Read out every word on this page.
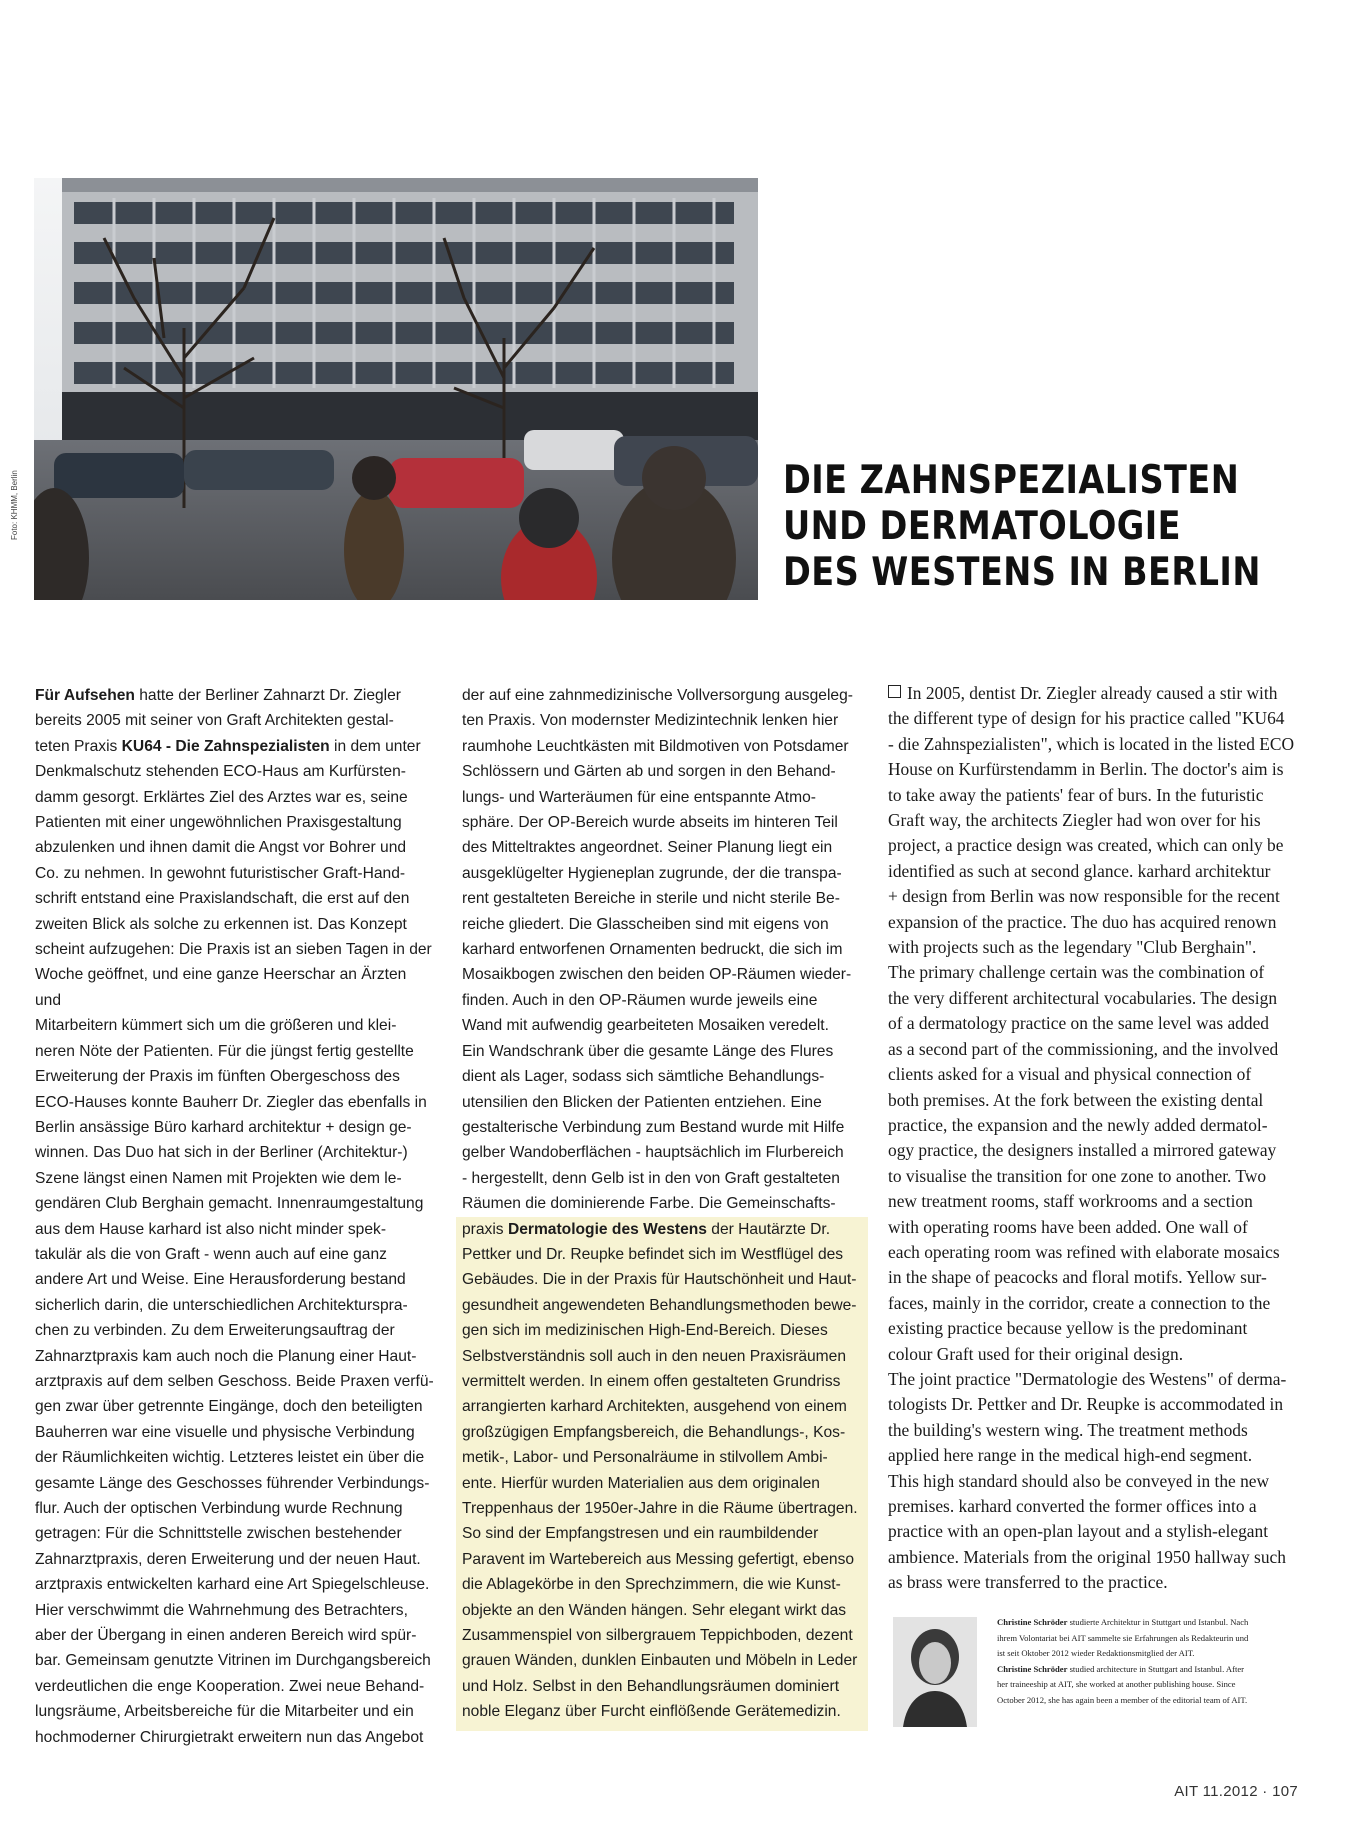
Foto: KHMM, Berlin	DIE ZAHNSPEZIALISTEN
UND DERMATOLOGIE
DES WESTENS IN BERLIN

Für Aufsehen hatte der Berliner Zahnarzt Dr. Ziegler
bereits 2005 mit seiner von Graft Architekten gestal-
teten Praxis KU64 - Die Zahnspezialisten in dem unter
Denkmalschutz stehenden ECO-Haus am Kurfürsten-
damm gesorgt. Erklärtes Ziel des Arztes war es, seine
Patienten mit einer ungewöhnlichen Praxisgestaltung
abzulenken und ihnen damit die Angst vor Bohrer und
Co. zu nehmen. In gewohnt futuristischer Graft-Hand-
schrift entstand eine Praxislandschaft, die erst auf den
zweiten Blick als solche zu erkennen ist. Das Konzept
scheint aufzugehen: Die Praxis ist an sieben Tagen in der
Woche geöffnet, und eine ganze Heerschar an Ärzten und
Mitarbeitern kümmert sich um die größeren und klei-
neren Nöte der Patienten. Für die jüngst fertig gestellte
Erweiterung der Praxis im fünften Obergeschoss des
ECO-Hauses konnte Bauherr Dr. Ziegler das ebenfalls in
Berlin ansässige Büro karhard architektur + design ge-
winnen. Das Duo hat sich in der Berliner (Architektur-)
Szene längst einen Namen mit Projekten wie dem le-
gendären Club Berghain gemacht. Innenraumgestaltung
aus dem Hause karhard ist also nicht minder spek-
takulär als die von Graft - wenn auch auf eine ganz
andere Art und Weise. Eine Herausforderung bestand
sicherlich darin, die unterschiedlichen Architekturspra-
chen zu verbinden. Zu dem Erweiterungsauftrag der
Zahnarztpraxis kam auch noch die Planung einer Haut-
arztpraxis auf dem selben Geschoss. Beide Praxen verfü-
gen zwar über getrennte Eingänge, doch den beteiligten
Bauherren war eine visuelle und physische Verbindung
der Räumlichkeiten wichtig. Letzteres leistet ein über die
gesamte Länge des Geschosses führender Verbindungs-
flur. Auch der optischen Verbindung wurde Rechnung
getragen: Für die Schnittstelle zwischen bestehender
Zahnarztpraxis, deren Erweiterung und der neuen Haut.
arztpraxis entwickelten karhard eine Art Spiegelschleuse.
Hier verschwimmt die Wahrnehmung des Betrachters,
aber der Übergang in einen anderen Bereich wird spür-
bar. Gemeinsam genutzte Vitrinen im Durchgangsbereich
verdeutlichen die enge Kooperation. Zwei neue Behand-
lungsräume, Arbeitsbereiche für die Mitarbeiter und ein
hochmoderner Chirurgietrakt erweitern nun das Angebot

der auf eine zahnmedizinische Vollversorgung ausgeleg-
ten Praxis. Von modernster Medizintechnik lenken hier
raumhohe Leuchtkästen mit Bildmotiven von Potsdamer
Schlössern und Gärten ab und sorgen in den Behand-
lungs- und Warteräumen für eine entspannte Atmo-
sphäre. Der OP-Bereich wurde abseits im hinteren Teil
des Mitteltraktes angeordnet. Seiner Planung liegt ein
ausgeklügelter Hygieneplan zugrunde, der die transpa-
rent gestalteten Bereiche in sterile und nicht sterile Be-
reiche gliedert. Die Glasscheiben sind mit eigens von
karhard entworfenen Ornamenten bedruckt, die sich im
Mosaikbogen zwischen den beiden OP-Räumen wieder-
finden. Auch in den OP-Räumen wurde jeweils eine
Wand mit aufwendig gearbeiteten Mosaiken veredelt.
Ein Wandschrank über die gesamte Länge des Flures
dient als Lager, sodass sich sämtliche Behandlungs-
utensilien den Blicken der Patienten entziehen. Eine
gestalterische Verbindung zum Bestand wurde mit Hilfe
gelber Wandoberflächen - hauptsächlich im Flurbereich
- hergestellt, denn Gelb ist in den von Graft gestalteten
Räumen die dominierende Farbe. Die Gemeinschafts-
praxis Dermatologie des Westens der Hautärzte Dr.
Pettker und Dr. Reupke befindet sich im Westflügel des
Gebäudes. Die in der Praxis für Hautschönheit und Haut-
gesundheit angewendeten Behandlungsmethoden bewe-
gen sich im medizinischen High-End-Bereich. Dieses
Selbstverständnis soll auch in den neuen Praxisräumen
vermittelt werden. In einem offen gestalteten Grundriss
arrangierten karhard Architekten, ausgehend von einem
großzügigen Empfangsbereich, die Behandlungs-, Kos-
metik-, Labor- und Personalräume in stilvollem Ambi-
ente. Hierfür wurden Materialien aus dem originalen
Treppenhaus der 1950er-Jahre in die Räume übertragen.
So sind der Empfangstresen und ein raumbildender
Paravent im Wartebereich aus Messing gefertigt, ebenso
die Ablagekörbe in den Sprechzimmern, die wie Kunst-
objekte an den Wänden hängen. Sehr elegant wirkt das
Zusammenspiel von silbergrauem Teppichboden, dezent
grauen Wänden, dunklen Einbauten und Möbeln in Leder
und Holz. Selbst in den Behandlungsräumen dominiert
noble Eleganz über Furcht einflößende Gerätemedizin.
In 2005, dentist Dr. Ziegler already caused a stir with
the different type of design for his practice called "KU64
- die Zahnspezialisten", which is located in the listed ECO
House on Kurfürstendamm in Berlin. The doctor's aim is
to take away the patients' fear of burs. In the futuristic
Graft way, the architects Ziegler had won over for his
project, a practice design was created, which can only be
identified as such at second glance. karhard architektur
+ design from Berlin was now responsible for the recent
expansion of the practice. The duo has acquired renown
with projects such as the legendary "Club Berghain".
The primary challenge certain was the combination of
the very different architectural vocabularies. The design
of a dermatology practice on the same level was added
as a second part of the commissioning, and the involved
clients asked for a visual and physical connection of
both premises. At the fork between the existing dental
practice, the expansion and the newly added dermatol-
ogy practice, the designers installed a mirrored gateway
to visualise the transition for one zone to another. Two
new treatment rooms, staff workrooms and a section
with operating rooms have been added. One wall of
each operating room was refined with elaborate mosaics
in the shape of peacocks and floral motifs. Yellow sur-
faces, mainly in the corridor, create a connection to the
existing practice because yellow is the predominant
colour Graft used for their original design.
The joint practice "Dermatologie des Westens" of derma-
tologists Dr. Pettker and Dr. Reupke is accommodated in
the building's western wing. The treatment methods
applied here range in the medical high-end segment.
This high standard should also be conveyed in the new
premises. karhard converted the former offices into a
practice with an open-plan layout and a stylish-elegant
ambience. Materials from the original 1950 hallway such
as brass were transferred to the practice.

Christine Schröder studierte Architektur in Stuttgart und Istanbul. Nach
ihrem Volontariat bei AIT sammelte sie Erfahrungen als Redakteurin und
ist seit Oktober 2012 wieder Redaktionsmitglied der AIT.

Christine Schröder studied architecture in Stuttgart and Istanbul. After
her traineeship at AIT, she worked at another publishing house. Since
October 2012, she has again been a member of the editorial team of AIT.

AIT 11.2012 · 107
